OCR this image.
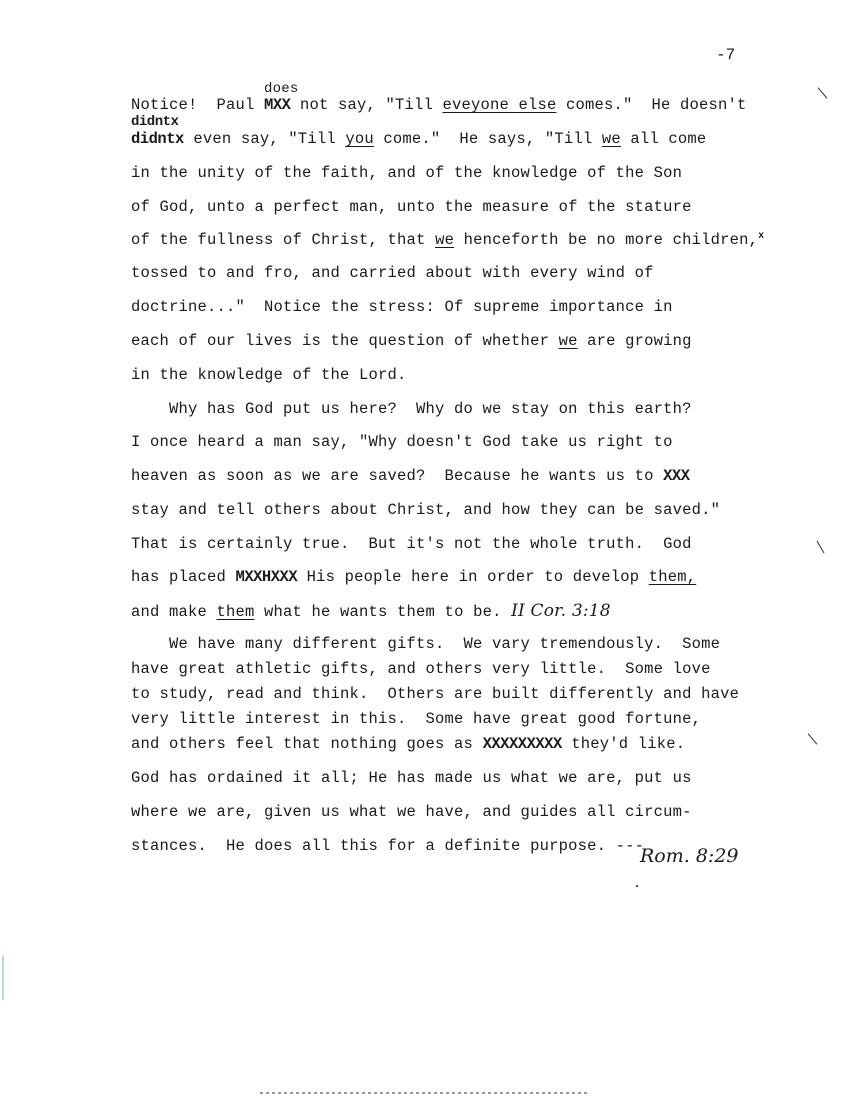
-7
Notice!  Paul
does
MXX not say, "Till eveyone else comes."  He doesn't
didntx
didntx even say, "Till you come."  He says, "Till we all come
in the unity of the faith, and of the knowledge of the Son
of God, unto a perfect man, unto the measure of the stature
of the fullness of Christ, that we henceforth be no more children,$^x$
tossed to and fro, and carried about with every wind of
doctrine..."  Notice the stress: Of supreme importance in
each of our lives is the question of whether we are growing
in the knowledge of the Lord.
Why has God put us here?  Why do we stay on this earth?
I once heard a man say, "Why doesn't God take us right to
heaven as soon as we are saved?  Because he wants us to XXX
stay and tell others about Christ, and how they can be saved."
That is certainly true.  But it's not the whole truth.  God
has placed MXXHXXX His people here in order to develop them,
and make them what he wants them to be. II Cor. 3:18
We have many different gifts.  We vary tremendously.  Some
have great athletic gifts, and others very little.  Some love
to study, read and think.  Others are built differently and have
very little interest in this.  Some have great good fortune,
and others feel that nothing goes as XXXXXXXXX they'd like.
God has ordained it all; He has made us what we are, put us
where we are, given us what we have, and guides all circum-
stances.  He does all this for a definite purpose. ---
Rom. 8:29
